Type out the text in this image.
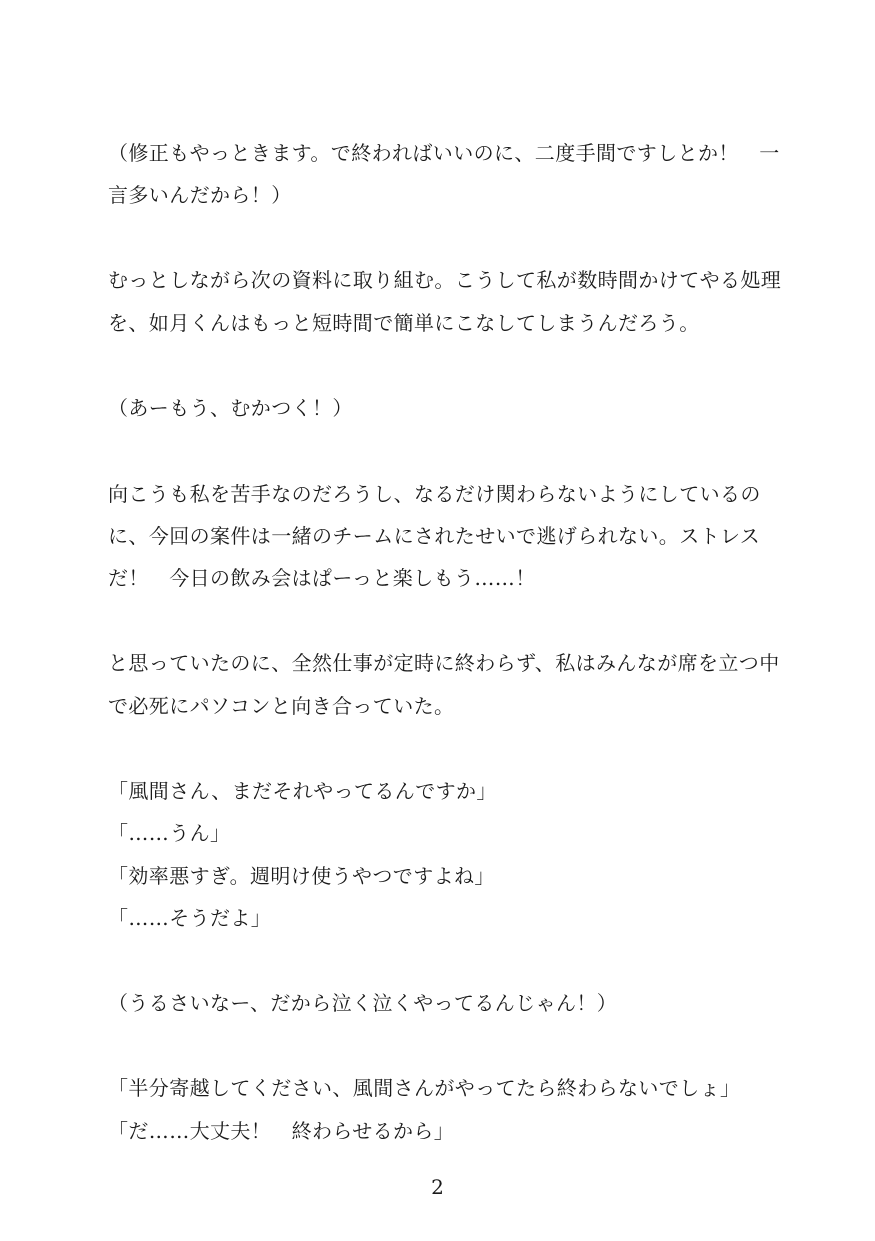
（修正もやっときます。で終わればいいのに、二度手間ですしとか！　一
言多いんだから！）
むっとしながら次の資料に取り組む。こうして私が数時間かけてやる処理
を、如月くんはもっと短時間で簡単にこなしてしまうんだろう。
（あーもう、むかつく！）
向こうも私を苦手なのだろうし、なるだけ関わらないようにしているの
に、今回の案件は一緒のチームにされたせいで逃げられない。ストレス
だ！　今日の飲み会はぱーっと楽しもう……！
と思っていたのに、全然仕事が定時に終わらず、私はみんなが席を立つ中
で必死にパソコンと向き合っていた。
「風間さん、まだそれやってるんですか」
「……うん」
「効率悪すぎ。週明け使うやつですよね」
「……そうだよ」
（うるさいなー、だから泣く泣くやってるんじゃん！）
「半分寄越してください、風間さんがやってたら終わらないでしょ」
「だ……大丈夫！　終わらせるから」
2
